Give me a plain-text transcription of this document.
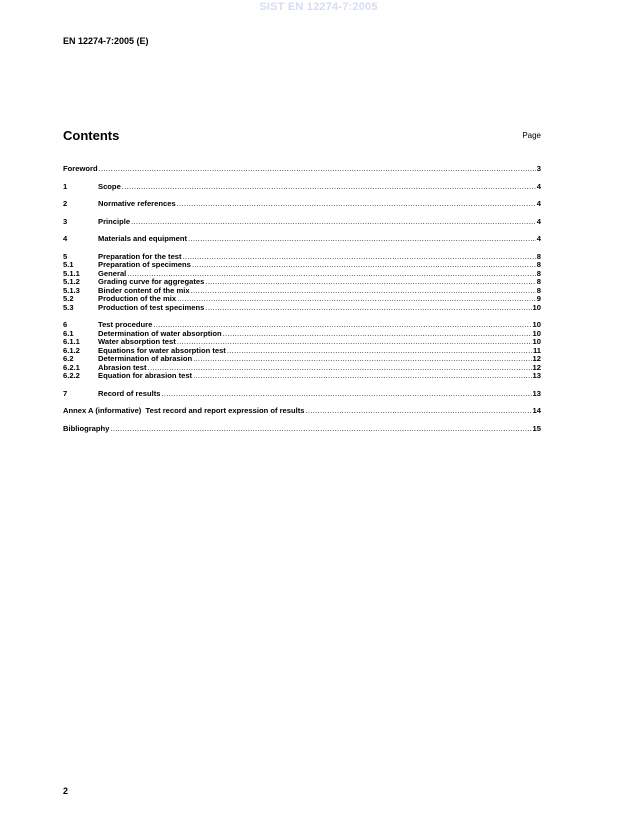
SIST EN 12274-7:2005
EN 12274-7:2005 (E)
Contents	Page
Foreword .....	3
1	Scope .....	4
2	Normative references .....	4
3	Principle .....	4
4	Materials and equipment .....	4
5	Preparation for the test .....	8
5.1	Preparation of specimens .....	8
5.1.1	General .....	8
5.1.2	Grading curve for aggregates .....	8
5.1.3	Binder content of the mix .....	8
5.2	Production of the mix .....	9
5.3	Production of test specimens .....	10
6	Test procedure .....	10
6.1	Determination of water absorption .....	10
6.1.1	Water absorption test .....	10
6.1.2	Equations for water absorption test .....	11
6.2	Determination of abrasion .....	12
6.2.1	Abrasion test .....	12
6.2.2	Equation for abrasion test .....	13
7	Record of results .....	13
Annex A (informative)  Test record and report expression of results .....	14
Bibliography .....	15
2
